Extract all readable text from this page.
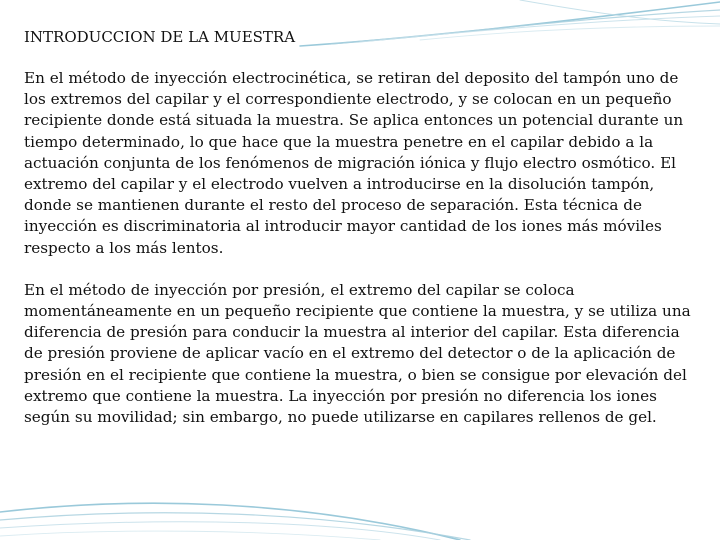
INTRODUCCION DE LA MUESTRA

En el método de inyección electrocinética, se retiran del deposito del tampón uno de los extremos del capilar y el correspondiente electrodo, y se colocan en un pequeño recipiente donde está situada la muestra. Se aplica entonces un potencial durante un tiempo determinado, lo que hace que la muestra penetre en el capilar debido a la actuación conjunta de los fenómenos de migración iónica y flujo electro osmótico. El extremo del capilar y el electrodo vuelven a introducirse en la disolución tampón, donde se mantienen durante el resto del proceso de separación. Esta técnica de inyección es discriminatoria al introducir mayor cantidad de los iones más móviles respecto a los más lentos.

En el método de inyección por presión, el extremo del capilar se coloca momentáneamente en un pequeño recipiente que contiene la muestra, y se utiliza una diferencia de presión para conducir la muestra al interior del capilar. Esta diferencia de presión proviene de aplicar vacío en el extremo del detector o de la aplicación de presión en el recipiente que contiene la muestra, o bien se consigue por elevación del extremo que contiene la muestra. La inyección por presión no diferencia los iones según su movilidad; sin embargo, no puede utilizarse en capilares rellenos de gel.
